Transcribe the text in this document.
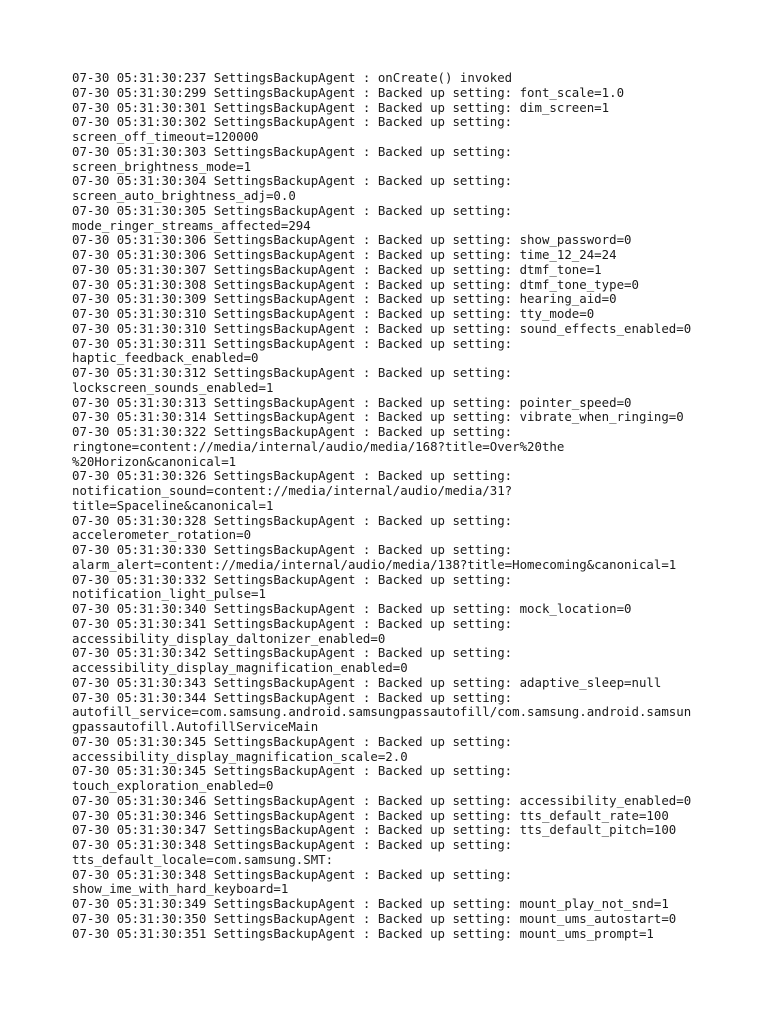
07-30 05:31:30:237 SettingsBackupAgent : onCreate() invoked
07-30 05:31:30:299 SettingsBackupAgent : Backed up setting: font_scale=1.0
07-30 05:31:30:301 SettingsBackupAgent : Backed up setting: dim_screen=1
07-30 05:31:30:302 SettingsBackupAgent : Backed up setting:
screen_off_timeout=120000
07-30 05:31:30:303 SettingsBackupAgent : Backed up setting:
screen_brightness_mode=1
07-30 05:31:30:304 SettingsBackupAgent : Backed up setting:
screen_auto_brightness_adj=0.0
07-30 05:31:30:305 SettingsBackupAgent : Backed up setting:
mode_ringer_streams_affected=294
07-30 05:31:30:306 SettingsBackupAgent : Backed up setting: show_password=0
07-30 05:31:30:306 SettingsBackupAgent : Backed up setting: time_12_24=24
07-30 05:31:30:307 SettingsBackupAgent : Backed up setting: dtmf_tone=1
07-30 05:31:30:308 SettingsBackupAgent : Backed up setting: dtmf_tone_type=0
07-30 05:31:30:309 SettingsBackupAgent : Backed up setting: hearing_aid=0
07-30 05:31:30:310 SettingsBackupAgent : Backed up setting: tty_mode=0
07-30 05:31:30:310 SettingsBackupAgent : Backed up setting: sound_effects_enabled=0
07-30 05:31:30:311 SettingsBackupAgent : Backed up setting:
haptic_feedback_enabled=0
07-30 05:31:30:312 SettingsBackupAgent : Backed up setting:
lockscreen_sounds_enabled=1
07-30 05:31:30:313 SettingsBackupAgent : Backed up setting: pointer_speed=0
07-30 05:31:30:314 SettingsBackupAgent : Backed up setting: vibrate_when_ringing=0
07-30 05:31:30:322 SettingsBackupAgent : Backed up setting:
ringtone=content://media/internal/audio/media/168?title=Over%20the
%20Horizon&canonical=1
07-30 05:31:30:326 SettingsBackupAgent : Backed up setting:
notification_sound=content://media/internal/audio/media/31?
title=Spaceline&canonical=1
07-30 05:31:30:328 SettingsBackupAgent : Backed up setting:
accelerometer_rotation=0
07-30 05:31:30:330 SettingsBackupAgent : Backed up setting:
alarm_alert=content://media/internal/audio/media/138?title=Homecoming&canonical=1
07-30 05:31:30:332 SettingsBackupAgent : Backed up setting:
notification_light_pulse=1
07-30 05:31:30:340 SettingsBackupAgent : Backed up setting: mock_location=0
07-30 05:31:30:341 SettingsBackupAgent : Backed up setting:
accessibility_display_daltonizer_enabled=0
07-30 05:31:30:342 SettingsBackupAgent : Backed up setting:
accessibility_display_magnification_enabled=0
07-30 05:31:30:343 SettingsBackupAgent : Backed up setting: adaptive_sleep=null
07-30 05:31:30:344 SettingsBackupAgent : Backed up setting:
autofill_service=com.samsung.android.samsungpassautofill/com.samsung.android.samsun
gpassautofill.AutofillServiceMain
07-30 05:31:30:345 SettingsBackupAgent : Backed up setting:
accessibility_display_magnification_scale=2.0
07-30 05:31:30:345 SettingsBackupAgent : Backed up setting:
touch_exploration_enabled=0
07-30 05:31:30:346 SettingsBackupAgent : Backed up setting: accessibility_enabled=0
07-30 05:31:30:346 SettingsBackupAgent : Backed up setting: tts_default_rate=100
07-30 05:31:30:347 SettingsBackupAgent : Backed up setting: tts_default_pitch=100
07-30 05:31:30:348 SettingsBackupAgent : Backed up setting:
tts_default_locale=com.samsung.SMT:
07-30 05:31:30:348 SettingsBackupAgent : Backed up setting:
show_ime_with_hard_keyboard=1
07-30 05:31:30:349 SettingsBackupAgent : Backed up setting: mount_play_not_snd=1
07-30 05:31:30:350 SettingsBackupAgent : Backed up setting: mount_ums_autostart=0
07-30 05:31:30:351 SettingsBackupAgent : Backed up setting: mount_ums_prompt=1
